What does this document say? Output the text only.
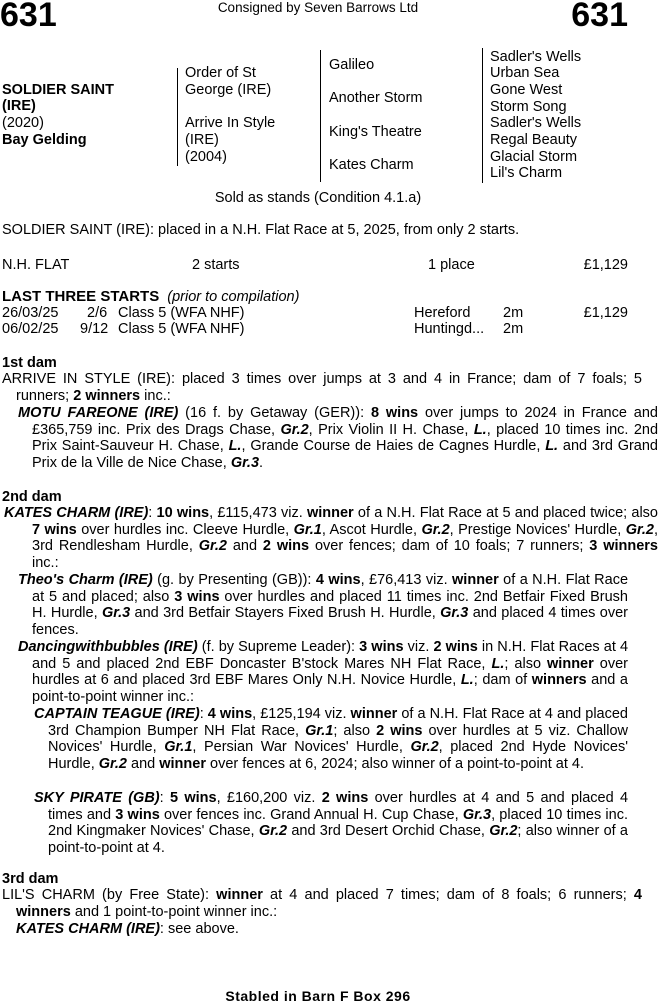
631	631
Consigned by Seven Barrows Ltd
SOLDIER SAINT
(IRE)
(2020)
Bay Gelding
Order of St
George (IRE)
Arrive In Style
(IRE)
(2004)
Galileo
Another Storm
King's Theatre
Kates Charm
Sadler's Wells
Urban Sea
Gone West
Storm Song
Sadler's Wells
Regal Beauty
Glacial Storm
Lil's Charm
Sold as stands (Condition 4.1.a)
SOLDIER SAINT (IRE): placed in a N.H. Flat Race at 5, 2025, from only 2 starts.
N.H. FLAT	2 starts	1 place	£1,129
LAST THREE STARTS (prior to compilation)
26/03/25 2/6 Class 5 (WFA NHF)	Hereford 2m	£1,129
06/02/25 9/12 Class 5 (WFA NHF)	Huntingd... 2m
1st dam
ARRIVE IN STYLE (IRE): placed 3 times over jumps at 3 and 4 in France; dam of 7 foals; 5 runners; 2 winners inc.:
MOTU FAREONE (IRE) (16 f. by Getaway (GER)): 8 wins over jumps to 2024 in France and £365,759 inc. Prix des Drags Chase, Gr.2, Prix Violin II H. Chase, L., placed 10 times inc. 2nd Prix Saint-Sauveur H. Chase, L., Grande Course de Haies de Cagnes Hurdle, L. and 3rd Grand Prix de la Ville de Nice Chase, Gr.3.
2nd dam
KATES CHARM (IRE): 10 wins, £115,473 viz. winner of a N.H. Flat Race at 5 and placed twice; also 7 wins over hurdles inc. Cleeve Hurdle, Gr.1, Ascot Hurdle, Gr.2, Prestige Novices' Hurdle, Gr.2, 3rd Rendlesham Hurdle, Gr.2 and 2 wins over fences; dam of 10 foals; 7 runners; 3 winners inc.:
Theo's Charm (IRE) (g. by Presenting (GB)): 4 wins, £76,413 viz. winner of a N.H. Flat Race at 5 and placed; also 3 wins over hurdles and placed 11 times inc. 2nd Betfair Fixed Brush H. Hurdle, Gr.3 and 3rd Betfair Stayers Fixed Brush H. Hurdle, Gr.3 and placed 4 times over fences.
Dancingwithbubbles (IRE) (f. by Supreme Leader): 3 wins viz. 2 wins in N.H. Flat Races at 4 and 5 and placed 2nd EBF Doncaster B'stock Mares NH Flat Race, L.; also winner over hurdles at 6 and placed 3rd EBF Mares Only N.H. Novice Hurdle, L.; dam of winners and a point-to-point winner inc.:
CAPTAIN TEAGUE (IRE): 4 wins, £125,194 viz. winner of a N.H. Flat Race at 4 and placed 3rd Champion Bumper NH Flat Race, Gr.1; also 2 wins over hurdles at 5 viz. Challow Novices' Hurdle, Gr.1, Persian War Novices' Hurdle, Gr.2, placed 2nd Hyde Novices' Hurdle, Gr.2 and winner over fences at 6, 2024; also winner of a point-to-point at 4.
SKY PIRATE (GB): 5 wins, £160,200 viz. 2 wins over hurdles at 4 and 5 and placed 4 times and 3 wins over fences inc. Grand Annual H. Cup Chase, Gr.3, placed 10 times inc. 2nd Kingmaker Novices' Chase, Gr.2 and 3rd Desert Orchid Chase, Gr.2; also winner of a point-to-point at 4.
3rd dam
LIL'S CHARM (by Free State): winner at 4 and placed 7 times; dam of 8 foals; 6 runners; 4 winners and 1 point-to-point winner inc.:
KATES CHARM (IRE): see above.
Stabled in Barn F Box 296
